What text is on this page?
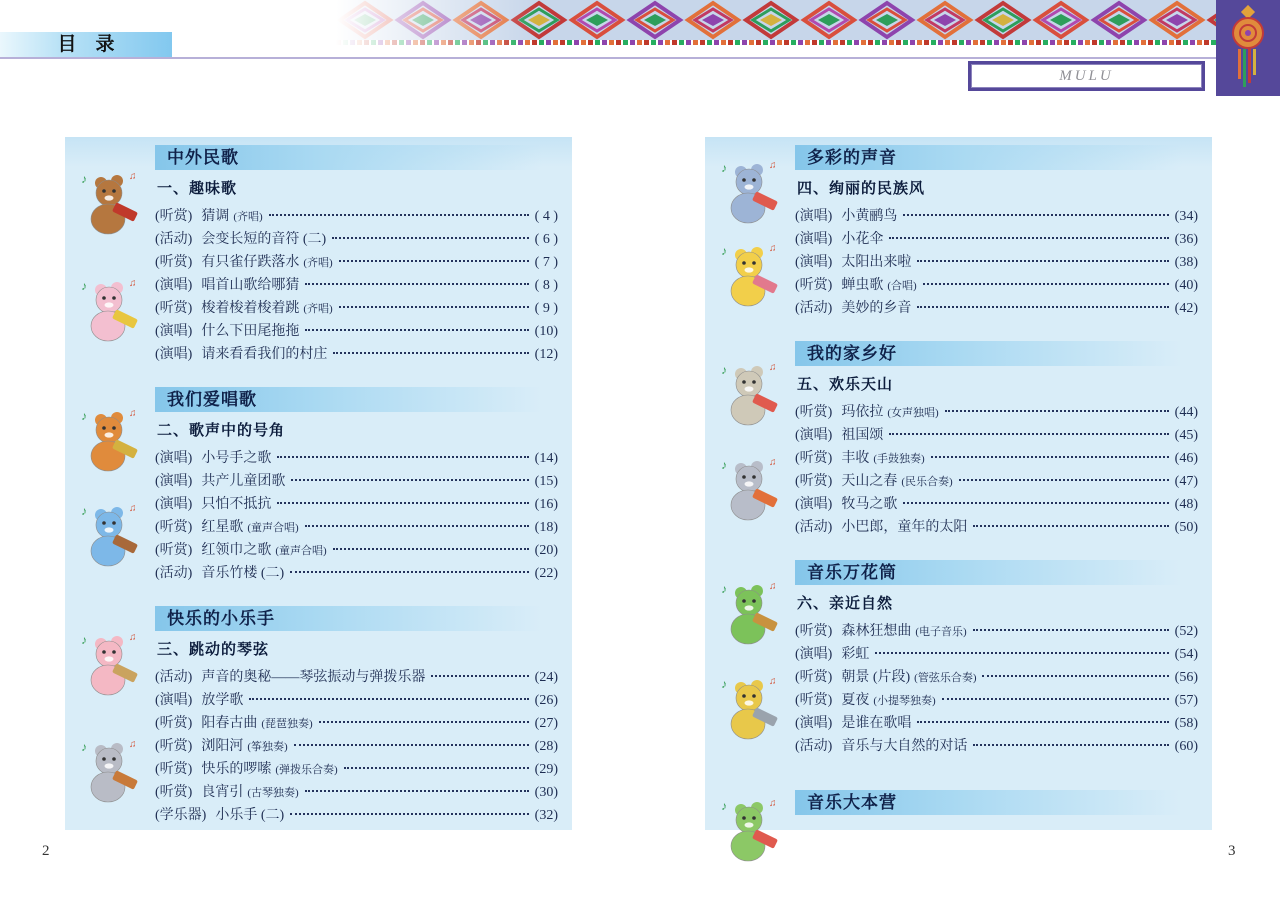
目　录
MULU
♪	♫
♪	♫
中外民歌
一、趣味歌
(听赏) 猜调 (齐唱)	( 4 )
(活动) 会变长短的音符 (二)	( 6 )
(听赏) 有只雀仔跌落水 (齐唱)	( 7 )
(演唱) 唱首山歌给哪猜	( 8 )
(听赏) 梭着梭着梭着跳 (齐唱)	( 9 )
(演唱) 什么下田尾拖拖	(10)
(演唱) 请来看看我们的村庄	(12)
♪	♫
♪	♫
我们爱唱歌
二、歌声中的号角
(演唱) 小号手之歌	(14)
(演唱) 共产儿童团歌	(15)
(演唱) 只怕不抵抗	(16)
(听赏) 红星歌 (童声合唱)	(18)
(听赏) 红领巾之歌 (童声合唱)	(20)
(活动) 音乐竹楼 (二)	(22)
♪	♫
♪	♫
快乐的小乐手
三、跳动的琴弦
(活动) 声音的奥秘——琴弦振动与弹拨乐器	(24)
(演唱) 放学歌	(26)
(听赏) 阳春古曲 (琵琶独奏)	(27)
(听赏) 浏阳河 (筝独奏)	(28)
(听赏) 快乐的啰嗦 (弹拨乐合奏)	(29)
(听赏) 良宵引 (古琴独奏)	(30)
(学乐器) 小乐手 (二)	(32)
♪	♫
♪	♫
多彩的声音
四、绚丽的民族风
(演唱) 小黄鹂鸟	(34)
(演唱) 小花伞	(36)
(演唱) 太阳出来啦	(38)
(听赏) 蝉虫歌 (合唱)	(40)
(活动) 美妙的乡音	(42)
♪	♫
♪	♫
我的家乡好
五、欢乐天山
(听赏) 玛依拉 (女声独唱)	(44)
(演唱) 祖国颂	(45)
(听赏) 丰收 (手鼓独奏)	(46)
(听赏) 天山之春 (民乐合奏)	(47)
(演唱) 牧马之歌	(48)
(活动) 小巴郎，童年的太阳	(50)
♪	♫
♪	♫
音乐万花筒
六、亲近自然
(听赏) 森林狂想曲 (电子音乐)	(52)
(演唱) 彩虹	(54)
(听赏) 朝景 (片段) (管弦乐合奏)	(56)
(听赏) 夏夜 (小提琴独奏)	(57)
(演唱) 是谁在歌唱	(58)
(活动) 音乐与大自然的对话	(60)
♪	♫	音乐大本营
2	3
